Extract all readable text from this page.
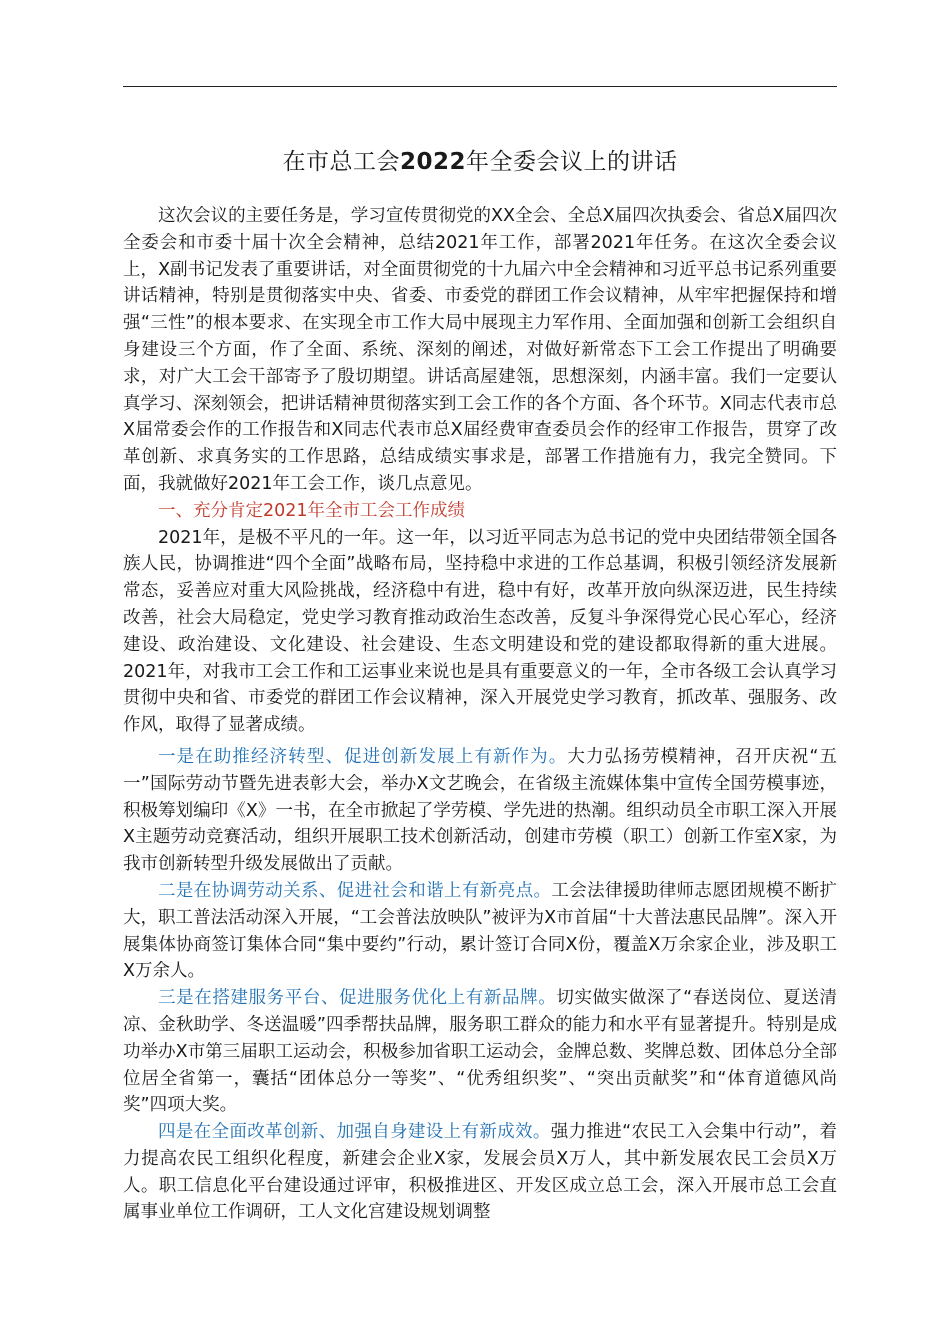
在市总工会2022年全委会议上的讲话

这次会议的主要任务是，学习宣传贯彻党的XX全会、全总X届四次执委会、省总X届四次全委会和市委十届十次全会精神，总结2021年工作，部署2021年任务。在这次全委会议上，X副书记发表了重要讲话，对全面贯彻党的十九届六中全会精神和习近平总书记系列重要讲话精神，特别是贯彻落实中央、省委、市委党的群团工作会议精神，从牢牢把握保持和增强“三性”的根本要求、在实现全市工作大局中展现主力军作用、全面加强和创新工会组织自身建设三个方面，作了全面、系统、深刻的阐述，对做好新常态下工会工作提出了明确要求，对广大工会干部寄予了殷切期望。讲话高屋建瓴，思想深刻，内涵丰富。我们一定要认真学习、深刻领会，把讲话精神贯彻落实到工会工作的各个方面、各个环节。X同志代表市总X届常委会作的工作报告和X同志代表市总X届经费审查委员会作的经审工作报告，贯穿了改革创新、求真务实的工作思路，总结成绩实事求是，部署工作措施有力，我完全赞同。下面，我就做好2021年工会工作，谈几点意见。

一、充分肯定2021年全市工会工作成绩

2021年，是极不平凡的一年。这一年，以习近平同志为总书记的党中央团结带领全国各族人民，协调推进“四个全面”战略布局，坚持稳中求进的工作总基调，积极引领经济发展新常态，妥善应对重大风险挑战，经济稳中有进，稳中有好，改革开放向纵深迈进，民生持续改善，社会大局稳定，党史学习教育推动政治生态改善，反复斗争深得党心民心军心，经济建设、政治建设、文化建设、社会建设、生态文明建设和党的建设都取得新的重大进展。2021年，对我市工会工作和工运事业来说也是具有重要意义的一年，全市各级工会认真学习贯彻中央和省、市委党的群团工作会议精神，深入开展党史学习教育，抓改革、强服务、改作风，取得了显著成绩。

一是在助推经济转型、促进创新发展上有新作为。大力弘扬劳模精神，召开庆祝“五一”国际劳动节暨先进表彰大会，举办X文艺晚会，在省级主流媒体集中宣传全国劳模事迹，积极筹划编印《X》一书，在全市掀起了学劳模、学先进的热潮。组织动员全市职工深入开展X主题劳动竞赛活动，组织开展职工技术创新活动，创建市劳模（职工）创新工作室X家，为我市创新转型升级发展做出了贡献。

二是在协调劳动关系、促进社会和谐上有新亮点。工会法律援助律师志愿团规模不断扩大，职工普法活动深入开展，“工会普法放映队”被评为X市首届“十大普法惠民品牌”。深入开展集体协商签订集体合同“集中要约”行动，累计签订合同X份，覆盖X万余家企业，涉及职工X万余人。

三是在搭建服务平台、促进服务优化上有新品牌。切实做实做深了“春送岗位、夏送清凉、金秋助学、冬送温暖”四季帮扶品牌，服务职工群众的能力和水平有显著提升。特别是成功举办X市第三届职工运动会，积极参加省职工运动会，金牌总数、奖牌总数、团体总分全部位居全省第一，囊括“团体总分一等奖”、“优秀组织奖”、“突出贡献奖”和“体育道德风尚奖”四项大奖。

四是在全面改革创新、加强自身建设上有新成效。强力推进“农民工入会集中行动”，着力提高农民工组织化程度，新建会企业X家，发展会员X万人，其中新发展农民工会员X万人。职工信息化平台建设通过评审，积极推进区、开发区成立总工会，深入开展市总工会直属事业单位工作调研，工人文化宫建设规划调整
